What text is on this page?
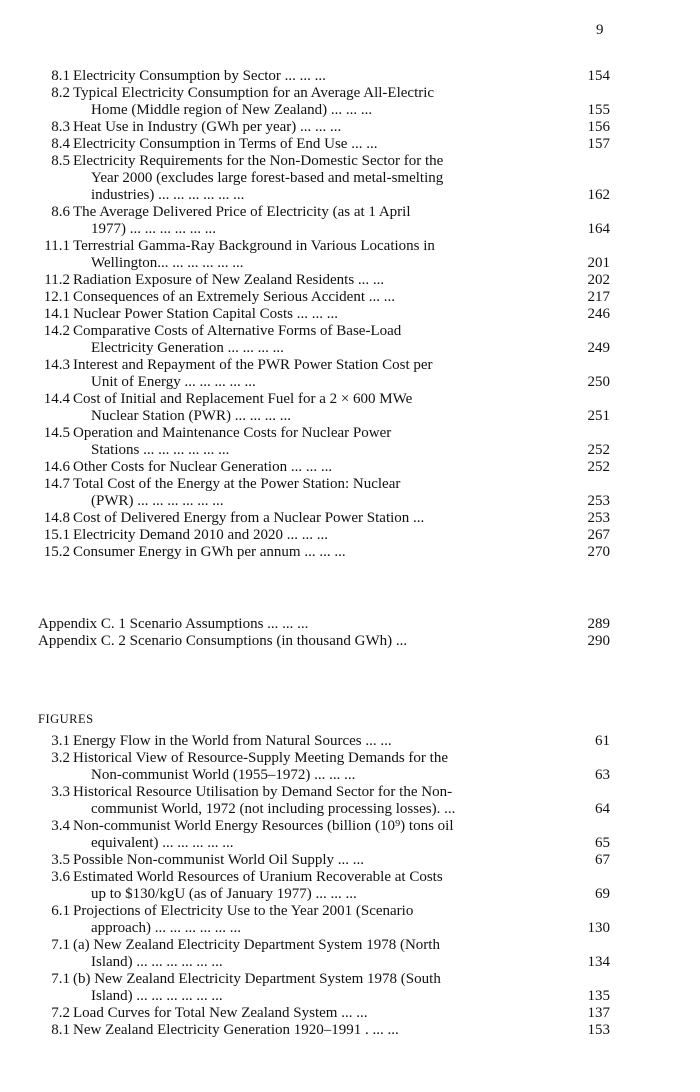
9
8.1 Electricity Consumption by Sector ... ... ...	154
8.2 Typical Electricity Consumption for an Average All-Electric
Home (Middle region of New Zealand) ... ... ...	155
8.3 Heat Use in Industry (GWh per year) ... ... ...	156
8.4 Electricity Consumption in Terms of End Use ... ...	157
8.5 Electricity Requirements for the Non-Domestic Sector for the
Year 2000 (excludes large forest-based and metal-smelting
industries) ... ... ... ... ... ...	162
8.6 The Average Delivered Price of Electricity (as at 1 April
1977) ... ... ... ... ... ...	164
11.1 Terrestrial Gamma-Ray Background in Various Locations in
Wellington... ... ... ... ... ...	201
11.2 Radiation Exposure of New Zealand Residents ... ...	202
12.1 Consequences of an Extremely Serious Accident ... ...	217
14.1 Nuclear Power Station Capital Costs ... ... ...	246
14.2 Comparative Costs of Alternative Forms of Base-Load
Electricity Generation ... ... ... ...	249
14.3 Interest and Repayment of the PWR Power Station Cost per
Unit of Energy ... ... ... ... ...	250
14.4 Cost of Initial and Replacement Fuel for a 2 × 600 MWe
Nuclear Station (PWR) ... ... ... ...	251
14.5 Operation and Maintenance Costs for Nuclear Power
Stations ... ... ... ... ... ...	252
14.6 Other Costs for Nuclear Generation ... ... ...	252
14.7 Total Cost of the Energy at the Power Station: Nuclear
(PWR) ... ... ... ... ... ...	253
14.8 Cost of Delivered Energy from a Nuclear Power Station ...	253
15.1 Electricity Demand 2010 and 2020 ... ... ...	267
15.2 Consumer Energy in GWh per annum ... ... ...	270
Appendix C. 1 Scenario Assumptions ... ... ...	289
Appendix C. 2 Scenario Consumptions (in thousand GWh) ...	290
FIGURES
3.1 Energy Flow in the World from Natural Sources ... ...	61
3.2 Historical View of Resource-Supply Meeting Demands for the
Non-communist World (1955–1972) ... ... ...	63
3.3 Historical Resource Utilisation by Demand Sector for the Non-
communist World, 1972 (not including processing losses). ...	64
3.4 Non-communist World Energy Resources (billion (10⁹) tons oil
equivalent) ... ... ... ... ...	65
3.5 Possible Non-communist World Oil Supply ... ...	67
3.6 Estimated World Resources of Uranium Recoverable at Costs
up to $130/kgU (as of January 1977) ... ... ...	69
6.1 Projections of Electricity Use to the Year 2001 (Scenario
approach) ... ... ... ... ... ...	130
7.1 (a) New Zealand Electricity Department System 1978 (North
Island) ... ... ... ... ... ...	134
7.1 (b) New Zealand Electricity Department System 1978 (South
Island) ... ... ... ... ... ...	135
7.2 Load Curves for Total New Zealand System ... ...	137
8.1 New Zealand Electricity Generation 1920–1991 . ... ...	153
